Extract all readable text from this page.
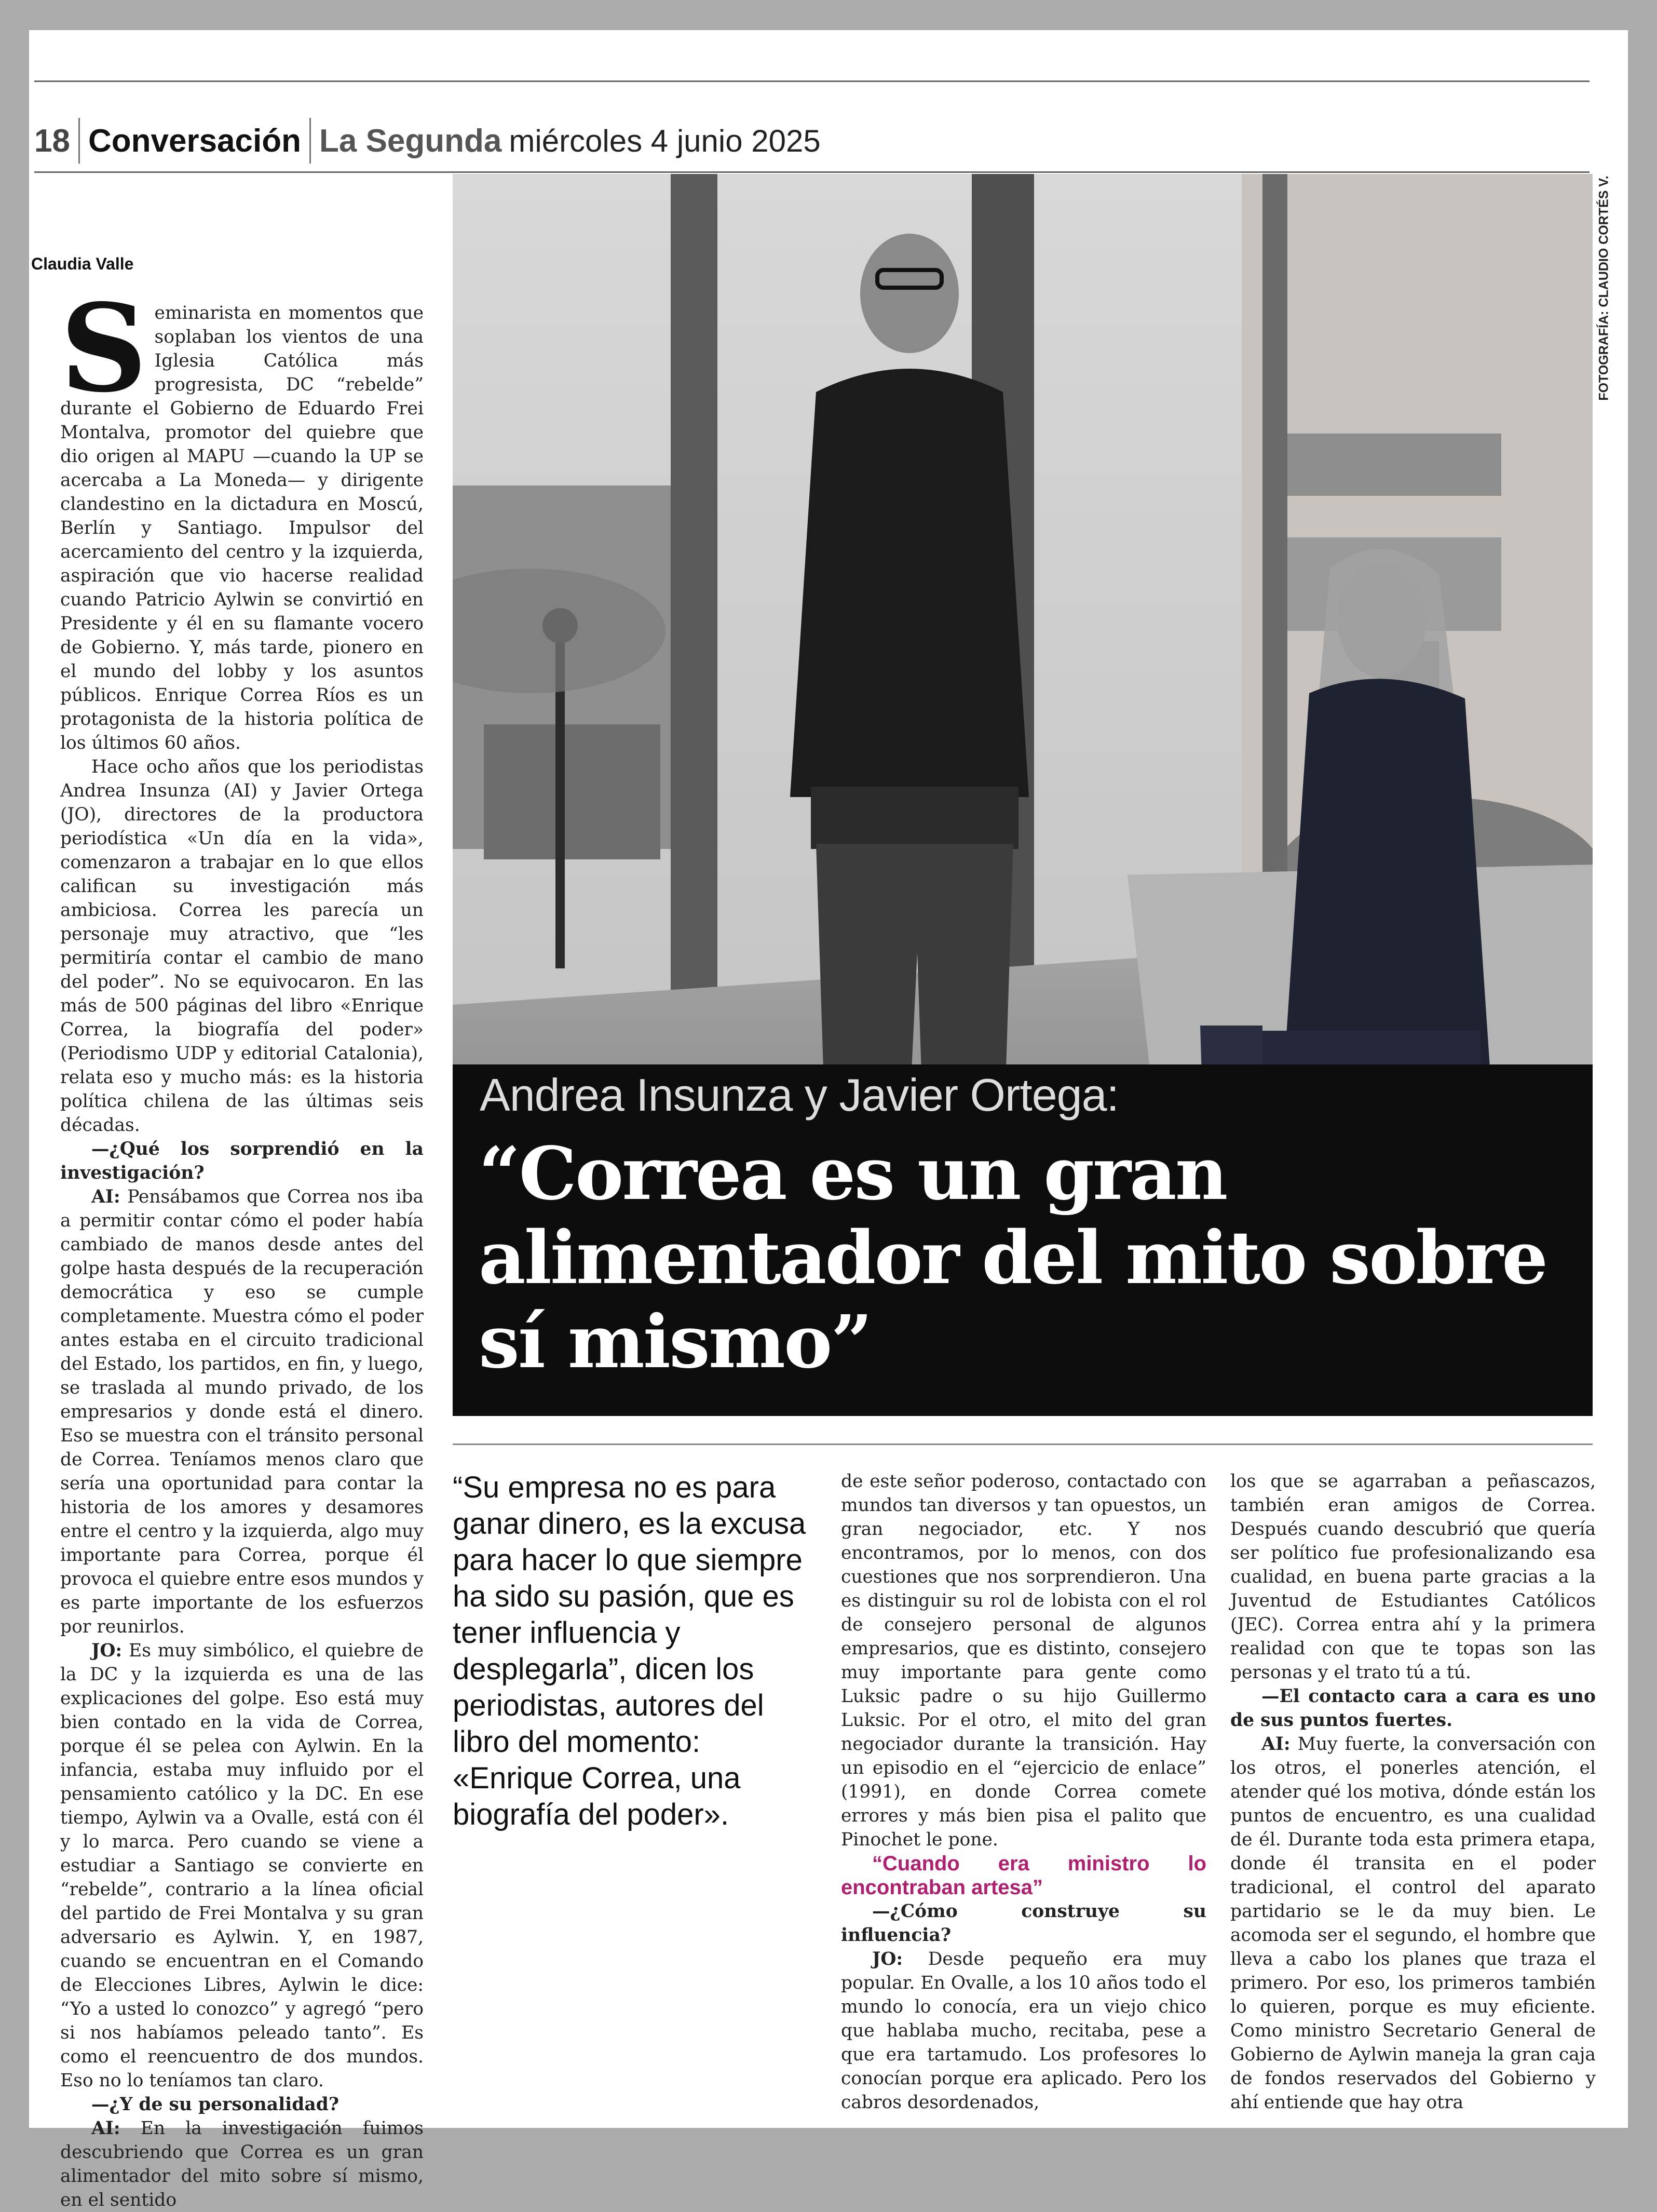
18 Conversación La Segunda miércoles 4 junio 2025
Claudia Valle

Seminarista en momentos que soplaban los vientos de una Iglesia Católica más progresista, DC “rebelde” durante el Gobierno de Eduardo Frei Montalva, promotor del quiebre que dio origen al MAPU —cuando la UP se acercaba a La Moneda— y dirigente clandestino en la dictadura en Moscú, Berlín y Santiago. Impulsor del acercamiento del centro y la izquierda, aspiración que vio hacerse realidad cuando Patricio Aylwin se convirtió en Presidente y él en su flamante vocero de Gobierno. Y, más tarde, pionero en el mundo del lobby y los asuntos públicos. Enrique Correa Ríos es un protagonista de la historia política de los últimos 60 años.

Hace ocho años que los periodistas Andrea Insunza (AI) y Javier Ortega (JO), directores de la productora periodística «Un día en la vida», comenzaron a trabajar en lo que ellos califican su investigación más ambiciosa. Correa les parecía un personaje muy atractivo, que “les permitiría contar el cambio de mano del poder”. No se equivocaron. En las más de 500 páginas del libro «Enrique Correa, la biografía del poder» (Periodismo UDP y editorial Catalonia), relata eso y mucho más: es la historia política chilena de las últimas seis décadas.

—¿Qué los sorprendió en la investigación?

AI: Pensábamos que Correa nos iba a permitir contar cómo el poder había cambiado de manos desde antes del golpe hasta después de la recuperación democrática y eso se cumple completamente. Muestra cómo el poder antes estaba en el circuito tradicional del Estado, los partidos, en fin, y luego, se traslada al mundo privado, de los empresarios y donde está el dinero. Eso se muestra con el tránsito personal de Correa. Teníamos menos claro que sería una oportunidad para contar la historia de los amores y desamores entre el centro y la izquierda, algo muy importante para Correa, porque él provoca el quiebre entre esos mundos y es parte importante de los esfuerzos por reunirlos.

JO: Es muy simbólico, el quiebre de la DC y la izquierda es una de las explicaciones del golpe. Eso está muy bien contado en la vida de Correa, porque él se pelea con Aylwin. En la infancia, estaba muy influido por el pensamiento católico y la DC. En ese tiempo, Aylwin va a Ovalle, está con él y lo marca. Pero cuando se viene a estudiar a Santiago se convierte en “rebelde”, contrario a la línea oficial del partido de Frei Montalva y su gran adversario es Aylwin. Y, en 1987, cuando se encuentran en el Comando de Elecciones Libres, Aylwin le dice: “Yo a usted lo conozco” y agregó “pero si nos habíamos peleado tanto”. Es como el reencuentro de dos mundos. Eso no lo teníamos tan claro.

—¿Y de su personalidad?

AI: En la investigación fuimos descubriendo que Correa es un gran alimentador del mito sobre sí mismo, en el sentido

FOTOGRAFÍA: CLAUDIO CORTÉS V.
Andrea Insunza y Javier Ortega:
“Correa es un gran alimentador del mito sobre sí mismo”
“Su empresa no es para ganar dinero, es la excusa para hacer lo que siempre ha sido su pasión, que es tener influencia y desplegarla”, dicen los periodistas, autores del libro del momento: «Enrique Correa, una biografía del poder».

de este señor poderoso, contactado con mundos tan diversos y tan opuestos, un gran negociador, etc. Y nos encontramos, por lo menos, con dos cuestiones que nos sorprendieron. Una es distinguir su rol de lobista con el rol de consejero personal de algunos empresarios, que es distinto, consejero muy importante para gente como Luksic padre o su hijo Guillermo Luksic. Por el otro, el mito del gran negociador durante la transición. Hay un episodio en el “ejercicio de enlace” (1991), en donde Correa comete errores y más bien pisa el palito que Pinochet le pone.

“Cuando era ministro lo encontraban artesa”

—¿Cómo construye su influencia?

JO: Desde pequeño era muy popular. En Ovalle, a los 10 años todo el mundo lo conocía, era un viejo chico que hablaba mucho, recitaba, pese a que era tartamudo. Los profesores lo conocían porque era aplicado. Pero los cabros desordenados,

los que se agarraban a peñascazos, también eran amigos de Correa. Después cuando descubrió que quería ser político fue profesionalizando esa cualidad, en buena parte gracias a la Juventud de Estudiantes Católicos (JEC). Correa entra ahí y la primera realidad con que te topas son las personas y el trato tú a tú.

—El contacto cara a cara es uno de sus puntos fuertes.

AI: Muy fuerte, la conversación con los otros, el ponerles atención, el atender qué los motiva, dónde están los puntos de encuentro, es una cualidad de él. Durante toda esta primera etapa, donde él transita en el poder tradicional, el control del aparato partidario se le da muy bien. Le acomoda ser el segundo, el hombre que lleva a cabo los planes que traza el primero. Por eso, los primeros también lo quieren, porque es muy eficiente. Como ministro Secretario General de Gobierno de Aylwin maneja la gran caja de fondos reservados del Gobierno y ahí entiende que hay otra
